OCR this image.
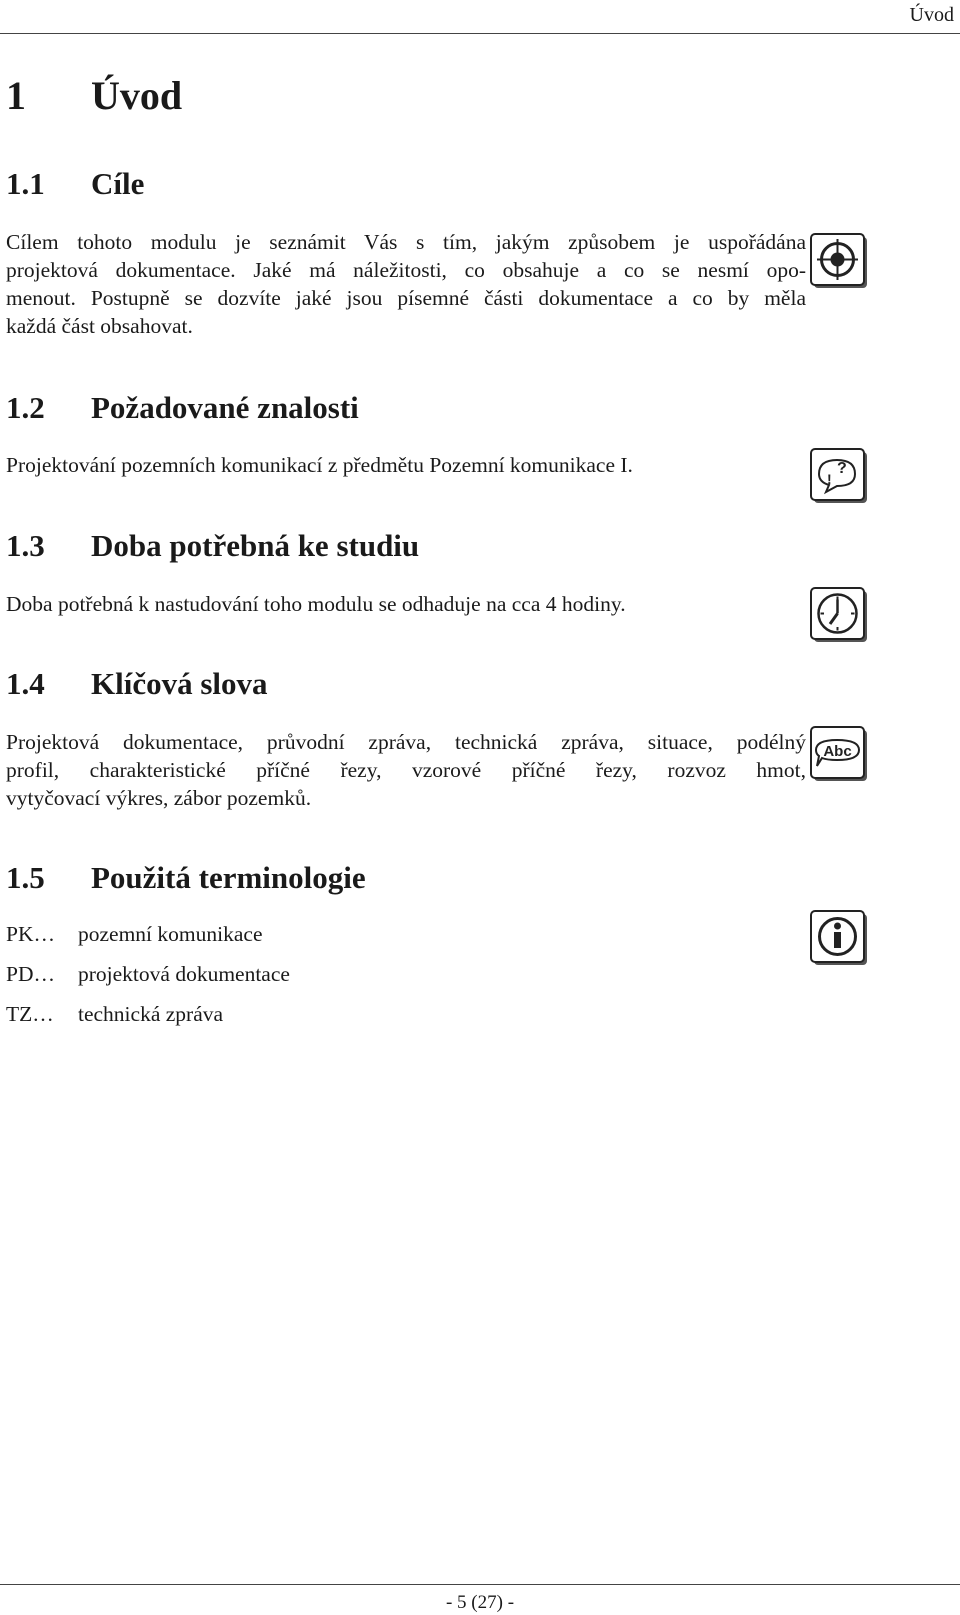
Úvod
1 Úvod
1.1 Cíle
Cílem tohoto modulu je seznámit Vás s tím, jakým způsobem je uspořádána
projektová dokumentace. Jaké má náležitosti, co obsahuje a co se nesmí opo-
menout. Postupně se dozvíte jaké jsou písemné části dokumentace a co by měla
každá část obsahovat.
1.2 Požadované znalosti
Projektování pozemních komunikací z předmětu Pozemní komunikace I.	?
!
1.3 Doba potřebná ke studiu
Doba potřebná k nastudování toho modulu se odhaduje na cca 4 hodiny.
1.4 Klíčová slova
Projektová dokumentace, průvodní zpráva, technická zpráva, situace, podélný
profil, charakteristické příčné řezy, vzorové příčné řezy, rozvoz hmot,
vytyčovací výkres, zábor pozemků.
Abc
1.5 Použitá terminologie
PK… pozemní komunikace
PD… projektová dokumentace
TZ… technická zpráva
- 5 (27) -
